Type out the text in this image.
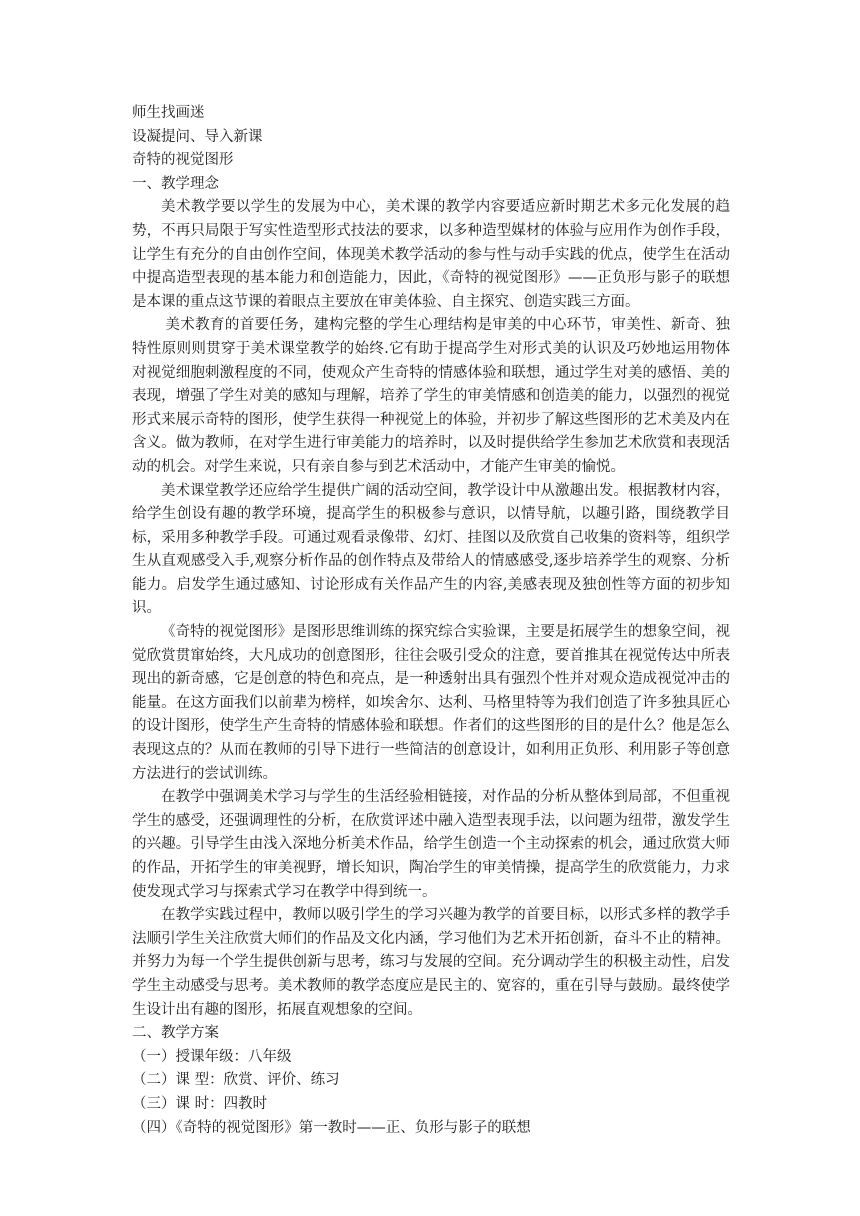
师生找画迷

设凝提问、导入新课

奇特的视觉图形

一、教学理念

美术教学要以学生的发展为中心，美术课的教学内容要适应新时期艺术多元化发展的趋势，不再只局限于写实性造型形式技法的要求，以多种造型媒材的体验与应用作为创作手段，让学生有充分的自由创作空间，体现美术教学活动的参与性与动手实践的优点，使学生在活动中提高造型表现的基本能力和创造能力，因此，《奇特的视觉图形》——正负形与影子的联想是本课的重点这节课的着眼点主要放在审美体验、自主探究、创造实践三方面。

美术教育的首要任务，建构完整的学生心理结构是审美的中心环节，审美性、新奇、独特性原则则贯穿于美术课堂教学的始终.它有助于提高学生对形式美的认识及巧妙地运用物体对视觉细胞刺激程度的不同，使观众产生奇特的情感体验和联想，通过学生对美的感悟、美的表现，增强了学生对美的感知与理解，培养了学生的审美情感和创造美的能力，以强烈的视觉形式来展示奇特的图形，使学生获得一种视觉上的体验，并初步了解这些图形的艺术美及内在含义。做为教师，在对学生进行审美能力的培养时，以及时提供给学生参加艺术欣赏和表现活动的机会。对学生来说，只有亲自参与到艺术活动中，才能产生审美的愉悦。

美术课堂教学还应给学生提供广阔的活动空间，教学设计中从激趣出发。根据教材内容，给学生创设有趣的教学环境，提高学生的积极参与意识，以情导航，以趣引路，围绕教学目标，采用多种教学手段。可通过观看录像带、幻灯、挂图以及欣赏自己收集的资料等，组织学生从直观感受入手,观察分析作品的创作特点及带给人的情感感受,逐步培养学生的观察、分析能力。启发学生通过感知、讨论形成有关作品产生的内容,美感表现及独创性等方面的初步知识。

《奇特的视觉图形》是图形思维训练的探究综合实验课，主要是拓展学生的想象空间，视觉欣赏贯窜始终，大凡成功的创意图形，往往会吸引受众的注意，要首推其在视觉传达中所表现出的新奇感，它是创意的特色和亮点，是一种透射出具有强烈个性并对观众造成视觉冲击的能量。在这方面我们以前辈为榜样，如埃舍尔、达利、马格里特等为我们创造了许多独具匠心的设计图形，使学生产生奇特的情感体验和联想。作者们的这些图形的目的是什么？他是怎么表现这点的？从而在教师的引导下进行一些简洁的创意设计，如利用正负形、利用影子等创意方法进行的尝试训练。

在教学中强调美术学习与学生的生活经验相链接，对作品的分析从整体到局部，不但重视学生的感受，还强调理性的分析，在欣赏评述中融入造型表现手法，以问题为纽带，激发学生的兴趣。引导学生由浅入深地分析美术作品，给学生创造一个主动探索的机会，通过欣赏大师的作品，开拓学生的审美视野，增长知识，陶冶学生的审美情操，提高学生的欣赏能力，力求使发现式学习与探索式学习在教学中得到统一。

在教学实践过程中，教师以吸引学生的学习兴趣为教学的首要目标，以形式多样的教学手法顺引学生关注欣赏大师们的作品及文化内涵，学习他们为艺术开拓创新，奋斗不止的精神。并努力为每一个学生提供创新与思考，练习与发展的空间。充分调动学生的积极主动性，启发学生主动感受与思考。美术教师的教学态度应是民主的、宽容的，重在引导与鼓励。最终使学生设计出有趣的图形，拓展直观想象的空间。

二、教学方案

（一）授课年级：八年级

（二）课 型：欣赏、评价、练习

（三）课 时：四教时

（四）《奇特的视觉图形》第一教时——正、负形与影子的联想
